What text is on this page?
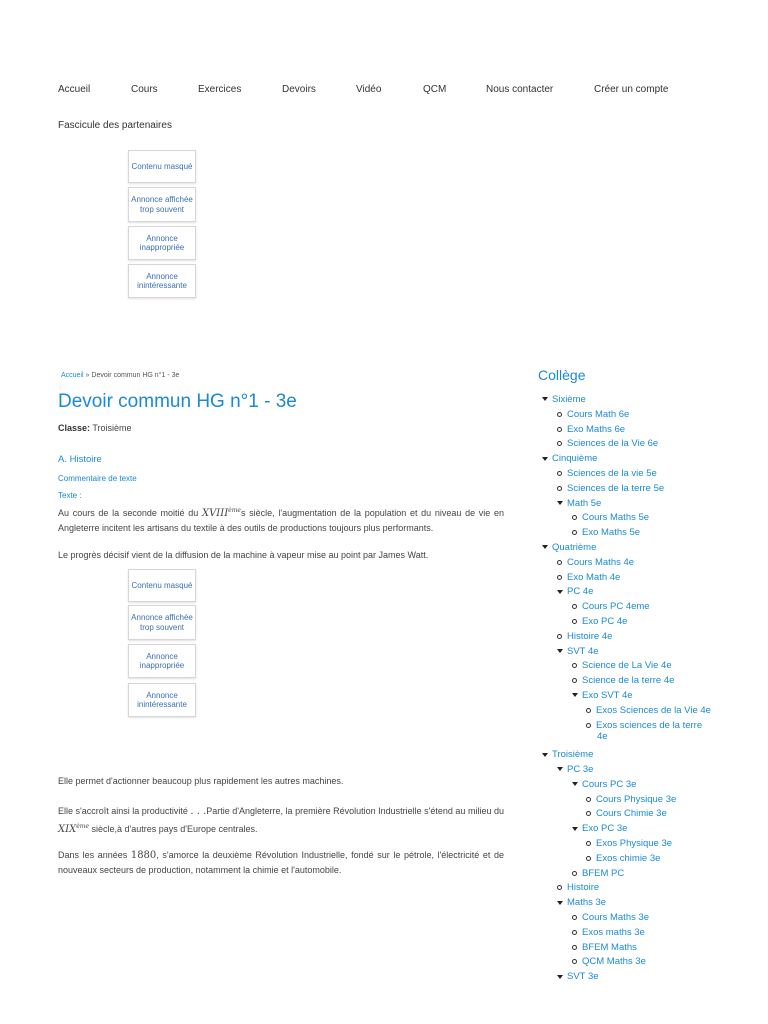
Accueil	Cours	Exercices	Devoirs	Vidéo	QCM	Nous contacter	Créer un compte
Fascicule des partenaires
Contenu masqué
Annonce affichée trop souvent
Annonce inappropriée
Annonce inintéressante
Accueil » Devoir commun HG n°1 - 3e
Devoir commun HG n°1 - 3e
Classe: Troisième
A. Histoire
Commentaire de texte
Texte :
Au cours de la seconde moitié du XVIIIèmes siècle, l'augmentation de la population et du niveau de vie en Angleterre incitent les artisans du textile à des outils de productions toujours plus performants.
Le progrès décisif vient de la diffusion de la machine à vapeur mise au point par James Watt.
Contenu masqué
Annonce affichée trop souvent
Annonce inappropriée
Annonce inintéressante
Elle permet d'actionner beaucoup plus rapidement les autres machines.
Elle s'accroît ainsi la productivité . . .Partie d'Angleterre, la première Révolution Industrielle s'étend au milieu du XIXème siècle,à d'autres pays d'Europe centrales.
Dans les années 1880, s'amorce la deuxième Révolution Industrielle, fondé sur le pétrole, l'électricité et de nouveaux secteurs de production, notamment la chimie et l'automobile.
Collège
Sixième
Cours Math 6e
Exo Maths 6e
Sciences de la Vie 6e
Cinquième
Sciences de la vie 5e
Sciences de la terre 5e
Math 5e
Cours Maths 5e
Exo Maths 5e
Quatrième
Cours Maths 4e
Exo Math 4e
PC 4e
Cours PC 4eme
Exo PC 4e
Histoire 4e
SVT 4e
Science de La Vie 4e
Science de la terre 4e
Exo SVT 4e
Exos Sciences de la Vie 4e
Exos sciences de la terre
4e
Troisième
PC 3e
Cours PC 3e
Cours Physique 3e
Cours Chimie 3e
Exo PC 3e
Exos Physique 3e
Exos chimie 3e
BFEM PC
Histoire
Maths 3e
Cours Maths 3e
Exos maths 3e
BFEM Maths
QCM Maths 3e
SVT 3e
